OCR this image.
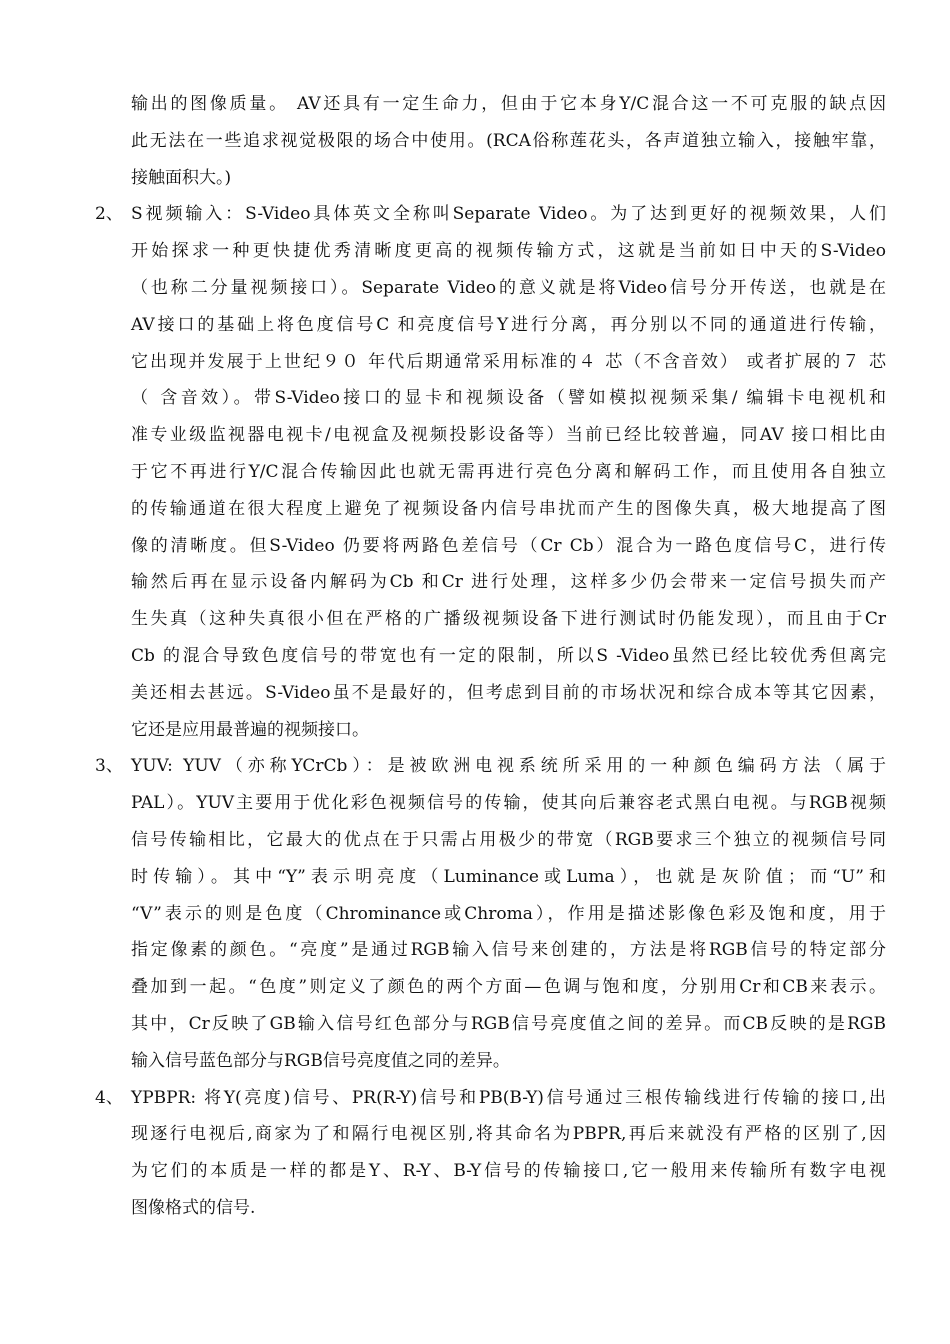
输出的图像质量。 AV还具有一定生命力，但由于它本身Y/C混合这一不可克服的缺点因
此无法在一些追求视觉极限的场合中使用。(RCA俗称莲花头，各声道独立输入，接触牢靠，
接触面积大。)
2、 S视频输入：S-Video具体英文全称叫Separate Video。为了达到更好的视频效果，人们
开始探求一种更快捷优秀清晰度更高的视频传输方式，这就是当前如日中天的S-Video
（也称二分量视频接口）。Separate Video的意义就是将Video信号分开传送，也就是在
AV接口的基础上将色度信号C 和亮度信号Y进行分离，再分别以不同的通道进行传输，
它出现并发展于上世纪９０ 年代后期通常采用标准的４ 芯（不含音效） 或者扩展的７ 芯
（ 含音效）。带S-Video接口的显卡和视频设备（譬如模拟视频采集/ 编辑卡电视机和
准专业级监视器电视卡/电视盒及视频投影设备等）当前已经比较普遍，同AV 接口相比由
于它不再进行Y/C混合传输因此也就无需再进行亮色分离和解码工作，而且使用各自独立
的传输通道在很大程度上避免了视频设备内信号串扰而产生的图像失真，极大地提高了图
像的清晰度。但S-Video 仍要将两路色差信号（Cr Cb）混合为一路色度信号C，进行传
输然后再在显示设备内解码为Cb 和Cr 进行处理，这样多少仍会带来一定信号损失而产
生失真（这种失真很小但在严格的广播级视频设备下进行测试时仍能发现），而且由于Cr
Cb 的混合导致色度信号的带宽也有一定的限制，所以S -Video虽然已经比较优秀但离完
美还相去甚远。S-Video虽不是最好的，但考虑到目前的市场状况和综合成本等其它因素，
它还是应用最普遍的视频接口。
3、 YUV: YUV（亦称YCrCb）：是被欧洲电视系统所采用的一种颜色编码方法（属于
PAL）。YUV主要用于优化彩色视频信号的传输，使其向后兼容老式黑白电视。与RGB视频
信号传输相比，它最大的优点在于只需占用极少的带宽（RGB要求三个独立的视频信号同
时传输）。其中“Y”表示明亮度（Luminance或Luma），也就是灰阶值；而“U”和
“V”表示的则是色度（Chrominance或Chroma），作用是描述影像色彩及饱和度，用于
指定像素的颜色。“亮度”是通过RGB输入信号来创建的，方法是将RGB信号的特定部分
叠加到一起。“色度”则定义了颜色的两个方面—色调与饱和度，分别用Cr和CB来表示。
其中，Cr反映了GB输入信号红色部分与RGB信号亮度值之间的差异。而CB反映的是RGB
输入信号蓝色部分与RGB信号亮度值之同的差异。
4、 YPBPR: 将Y(亮度)信号、PR(R-Y)信号和PB(B-Y)信号通过三根传输线进行传输的接口,出
现逐行电视后,商家为了和隔行电视区别,将其命名为PBPR,再后来就没有严格的区别了,因
为它们的本质是一样的都是Y、R-Y、B-Y信号的传输接口,它一般用来传输所有数字电视
图像格式的信号.
